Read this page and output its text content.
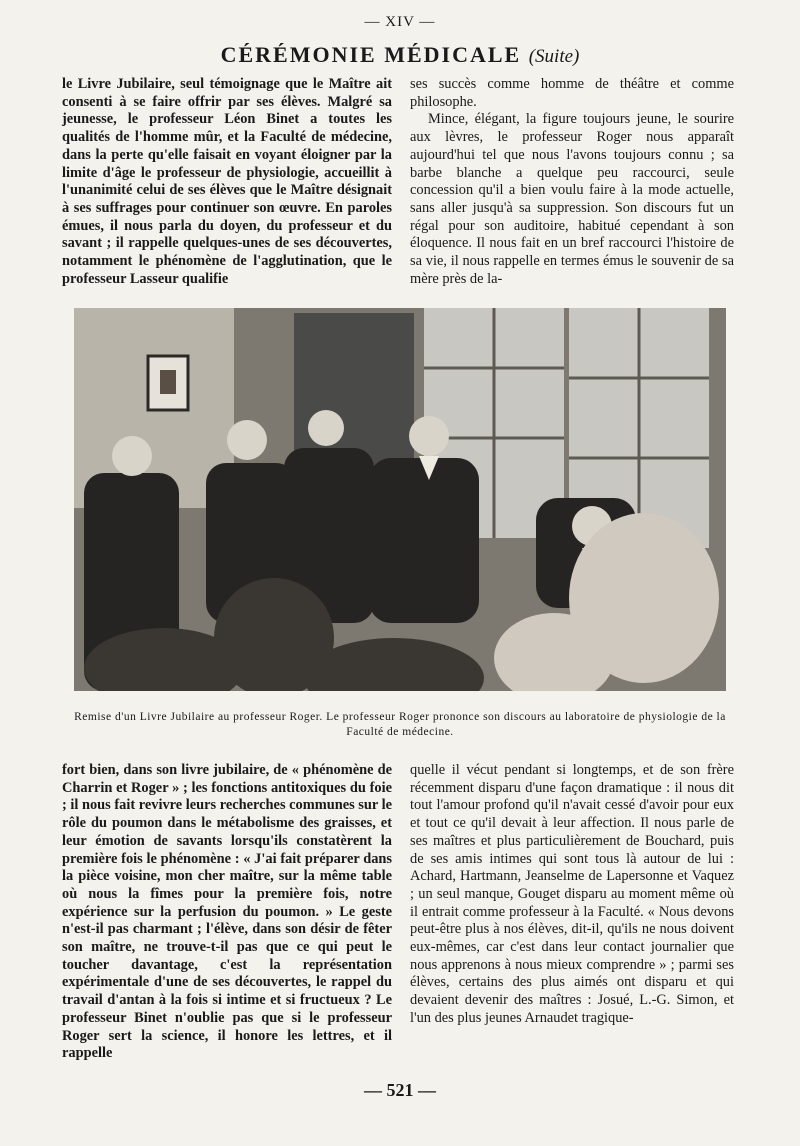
— XIV —
CÉRÉMONIE MÉDICALE (Suite)

le Livre Jubilaire, seul témoignage que le Maître ait consenti à se faire offrir par ses élèves. Malgré sa jeunesse, le professeur Léon Binet a toutes les qualités de l'homme mûr, et la Faculté de médecine, dans la perte qu'elle faisait en voyant éloigner par la limite d'âge le professeur de physiologie, accueillit à l'unanimité celui de ses élèves que le Maître désignait à ses suffrages pour continuer son œuvre. En paroles émues, il nous parla du doyen, du professeur et du savant ; il rappelle quelques-unes de ses découvertes, notamment le phénomène de l'agglutination, que le professeur Lasseur qualifie

ses succès comme homme de théâtre et comme philosophe.

Mince, élégant, la figure toujours jeune, le sourire aux lèvres, le professeur Roger nous apparaît aujourd'hui tel que nous l'avons toujours connu ; sa barbe blanche a quelque peu raccourci, seule concession qu'il a bien voulu faire à la mode actuelle, sans aller jusqu'à sa suppression. Son discours fut un régal pour son auditoire, habitué cependant à son éloquence. Il nous fait en un bref raccourci l'histoire de sa vie, il nous rappelle en termes émus le souvenir de sa mère près de la-

Remise d'un Livre Jubilaire au professeur Roger. Le professeur Roger prononce son discours au laboratoire de physiologie de la Faculté de médecine.

fort bien, dans son livre jubilaire, de « phénomène de Charrin et Roger » ; les fonctions antitoxiques du foie ; il nous fait revivre leurs recherches communes sur le rôle du poumon dans le métabolisme des graisses, et leur émotion de savants lorsqu'ils constatèrent la première fois le phénomène : « J'ai fait préparer dans la pièce voisine, mon cher maître, sur la même table où nous la fîmes pour la première fois, notre expérience sur la perfusion du poumon. » Le geste n'est-il pas charmant ; l'élève, dans son désir de fêter son maître, ne trouve-t-il pas que ce qui peut le toucher davantage, c'est la représentation expérimentale d'une de ses découvertes, le rappel du travail d'antan à la fois si intime et si fructueux ? Le professeur Binet n'oublie pas que si le professeur Roger sert la science, il honore les lettres, et il rappelle

quelle il vécut pendant si longtemps, et de son frère récemment disparu d'une façon dramatique : il nous dit tout l'amour profond qu'il n'avait cessé d'avoir pour eux et tout ce qu'il devait à leur affection. Il nous parle de ses maîtres et plus particulièrement de Bouchard, puis de ses amis intimes qui sont tous là autour de lui : Achard, Hartmann, Jeanselme de Lapersonne et Vaquez ; un seul manque, Gouget disparu au moment même où il entrait comme professeur à la Faculté. « Nous devons peut-être plus à nos élèves, dit-il, qu'ils ne nous doivent eux-mêmes, car c'est dans leur contact journalier que nous apprenons à nous mieux comprendre » ; parmi ses élèves, certains des plus aimés ont disparu et qui devaient devenir des maîtres : Josué, L.-G. Simon, et l'un des plus jeunes Arnaudet tragique-

— 521 —
